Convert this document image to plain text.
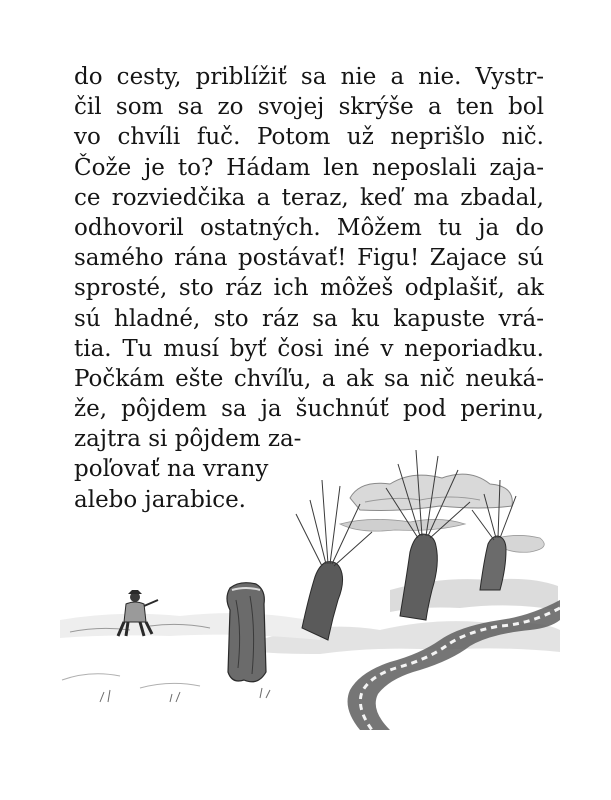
do cesty, priblížiť sa nie a nie. Vystr-
čil som sa zo svojej skrýše a ten bol
vo chvíli fuč. Potom už neprišlo nič.
Čože je to? Hádam len neposlali zaja-
ce rozviedčika a teraz, keď ma zbadal,
odhovoril ostatných. Môžem tu ja do
samého rána postávať! Figu! Zajace sú
sprosté, sto ráz ich môžeš odplašiť, ak
sú hladné, sto ráz sa ku kapuste vrá-
tia. Tu musí byť čosi iné v neporiadku.
Počkám ešte chvíľu, a ak sa nič neuká-
že, pôjdem sa ja šuchnúť pod perinu,
zajtra si pôjdem za-
poľovať na vrany
alebo jarabice.
